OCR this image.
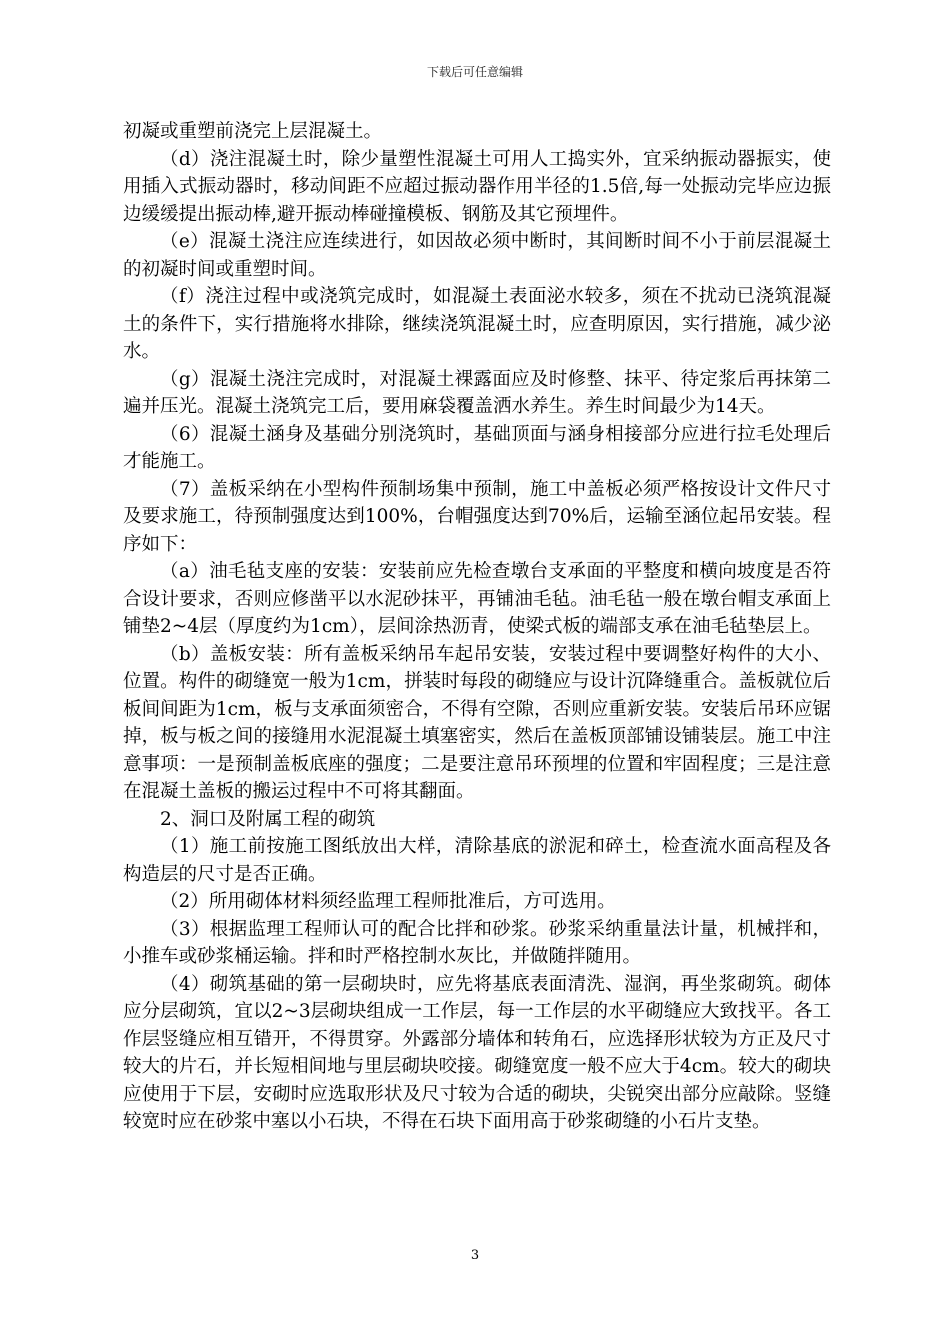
下载后可任意编辑

初凝或重塑前浇完上层混凝土。

（d）浇注混凝土时，除少量塑性混凝土可用人工捣实外，宜采纳振动器振实，使用插入式振动器时，移动间距不应超过振动器作用半径的1.5倍,每一处振动完毕应边振边缓缓提出振动棒,避开振动棒碰撞模板、钢筋及其它预埋件。

（e）混凝土浇注应连续进行，如因故必须中断时，其间断时间不小于前层混凝土的初凝时间或重塑时间。

（f）浇注过程中或浇筑完成时，如混凝土表面泌水较多，须在不扰动已浇筑混凝土的条件下，实行措施将水排除，继续浇筑混凝土时，应查明原因，实行措施，减少泌水。

（g）混凝土浇注完成时，对混凝土裸露面应及时修整、抹平、待定浆后再抹第二遍并压光。混凝土浇筑完工后，要用麻袋覆盖洒水养生。养生时间最少为14天。

（6）混凝土涵身及基础分别浇筑时，基础顶面与涵身相接部分应进行拉毛处理后才能施工。

（7）盖板采纳在小型构件预制场集中预制，施工中盖板必须严格按设计文件尺寸及要求施工，待预制强度达到100%，台帽强度达到70%后，运输至涵位起吊安装。程序如下：

（a）油毛毡支座的安装：安装前应先检查墩台支承面的平整度和横向坡度是否符合设计要求，否则应修凿平以水泥砂抹平，再铺油毛毡。油毛毡一般在墩台帽支承面上铺垫2~4层（厚度约为1cm），层间涂热沥青，使梁式板的端部支承在油毛毡垫层上。

（b）盖板安装：所有盖板采纳吊车起吊安装，安装过程中要调整好构件的大小、位置。构件的砌缝宽一般为1cm，拼装时每段的砌缝应与设计沉降缝重合。盖板就位后板间间距为1cm，板与支承面须密合，不得有空隙，否则应重新安装。安装后吊环应锯掉，板与板之间的接缝用水泥混凝土填塞密实，然后在盖板顶部铺设铺装层。施工中注意事项：一是预制盖板底座的强度；二是要注意吊环预埋的位置和牢固程度；三是注意在混凝土盖板的搬运过程中不可将其翻面。

2、洞口及附属工程的砌筑

（1）施工前按施工图纸放出大样，清除基底的淤泥和碎土，检查流水面高程及各构造层的尺寸是否正确。

（2）所用砌体材料须经监理工程师批准后，方可选用。

（3）根据监理工程师认可的配合比拌和砂浆。砂浆采纳重量法计量，机械拌和，小推车或砂浆桶运输。拌和时严格控制水灰比，并做随拌随用。

（4）砌筑基础的第一层砌块时，应先将基底表面清洗、湿润，再坐浆砌筑。砌体应分层砌筑，宜以2~3层砌块组成一工作层，每一工作层的水平砌缝应大致找平。各工作层竖缝应相互错开，不得贯穿。外露部分墙体和转角石，应选择形状较为方正及尺寸较大的片石，并长短相间地与里层砌块咬接。砌缝宽度一般不应大于4cm。较大的砌块应使用于下层，安砌时应选取形状及尺寸较为合适的砌块，尖锐突出部分应敲除。竖缝较宽时应在砂浆中塞以小石块，不得在石块下面用高于砂浆砌缝的小石片支垫。

3
